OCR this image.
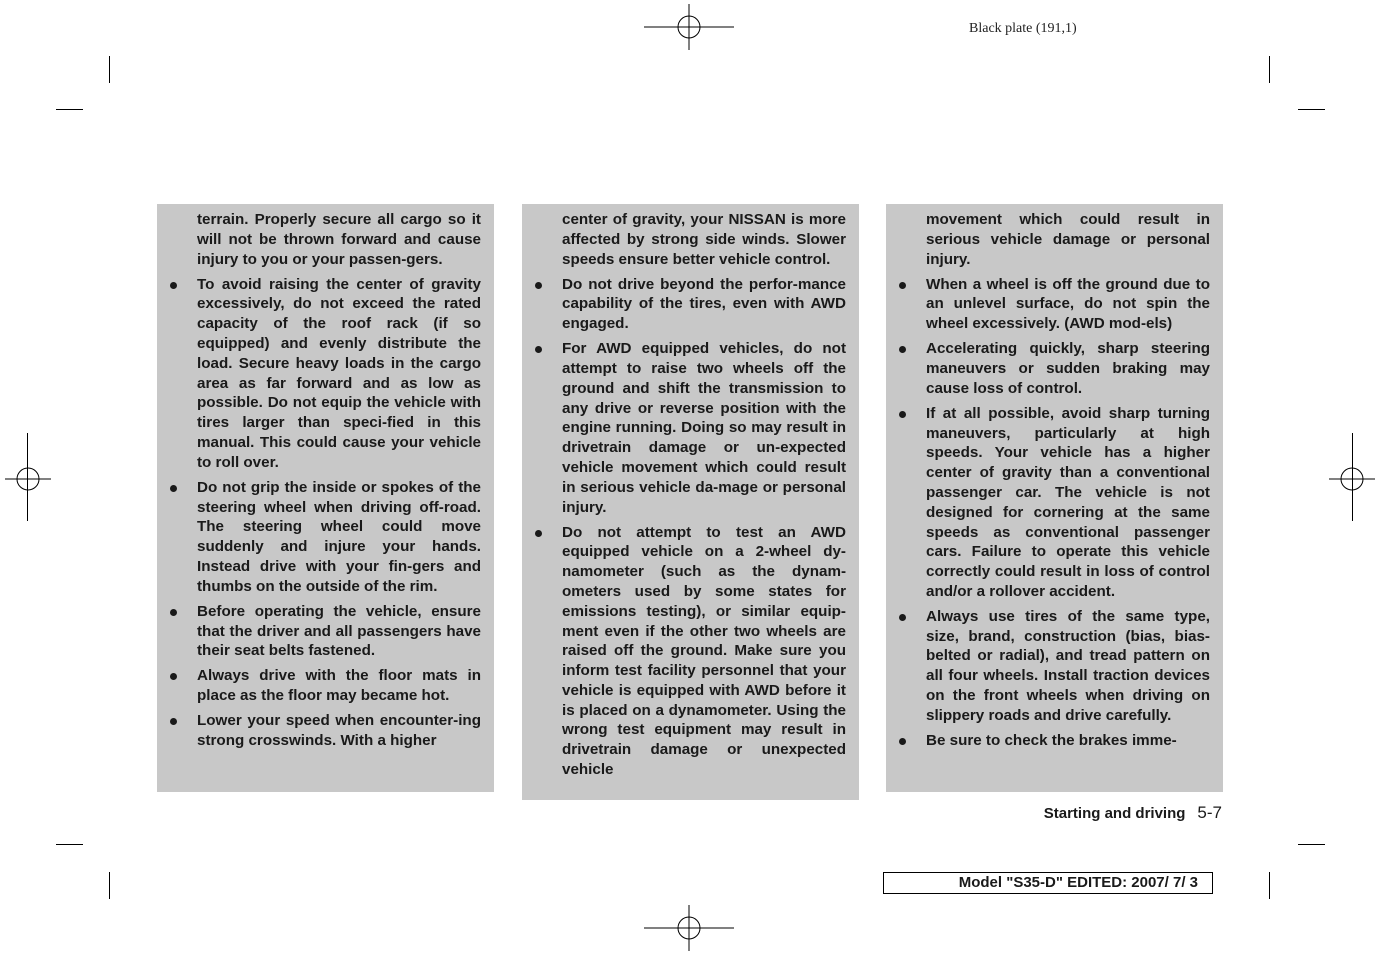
Black plate (191,1)
terrain. Properly secure all cargo so it will not be thrown forward and cause injury to you or your passen-gers.
To avoid raising the center of gravity excessively, do not exceed the rated capacity of the roof rack (if so equipped) and evenly distribute the load. Secure heavy loads in the cargo area as far forward and as low as possible. Do not equip the vehicle with tires larger than speci-fied in this manual. This could cause your vehicle to roll over.
Do not grip the inside or spokes of the steering wheel when driving off-road. The steering wheel could move suddenly and injure your hands. Instead drive with your fin-gers and thumbs on the outside of the rim.
Before operating the vehicle, ensure that the driver and all passengers have their seat belts fastened.
Always drive with the floor mats in place as the floor may became hot.
Lower your speed when encounter-ing strong crosswinds. With a higher
center of gravity, your NISSAN is more affected by strong side winds. Slower speeds ensure better vehicle control.
Do not drive beyond the perfor-mance capability of the tires, even with AWD engaged.
For AWD equipped vehicles, do not attempt to raise two wheels off the ground and shift the transmission to any drive or reverse position with the engine running. Doing so may result in drivetrain damage or un-expected vehicle movement which could result in serious vehicle da-mage or personal injury.
Do not attempt to test an AWD equipped vehicle on a 2-wheel dy-namometer (such as the dynam-ometers used by some states for emissions testing), or similar equip-ment even if the other two wheels are raised off the ground. Make sure you inform test facility personnel that your vehicle is equipped with AWD before it is placed on a dynamometer. Using the wrong test equipment may result in drivetrain damage or unexpected vehicle
movement which could result in serious vehicle damage or personal injury.
When a wheel is off the ground due to an unlevel surface, do not spin the wheel excessively. (AWD mod-els)
Accelerating quickly, sharp steering maneuvers or sudden braking may cause loss of control.
If at all possible, avoid sharp turning maneuvers, particularly at high speeds. Your vehicle has a higher center of gravity than a conventional passenger car. The vehicle is not designed for cornering at the same speeds as conventional passenger cars. Failure to operate this vehicle correctly could result in loss of control and/or a rollover accident.
Always use tires of the same type, size, brand, construction (bias, bias-belted or radial), and tread pattern on all four wheels. Install traction devices on the front wheels when driving on slippery roads and drive carefully.
Be sure to check the brakes imme-
Starting and driving 5-7
Model "S35-D" EDITED: 2007/ 7/ 3
